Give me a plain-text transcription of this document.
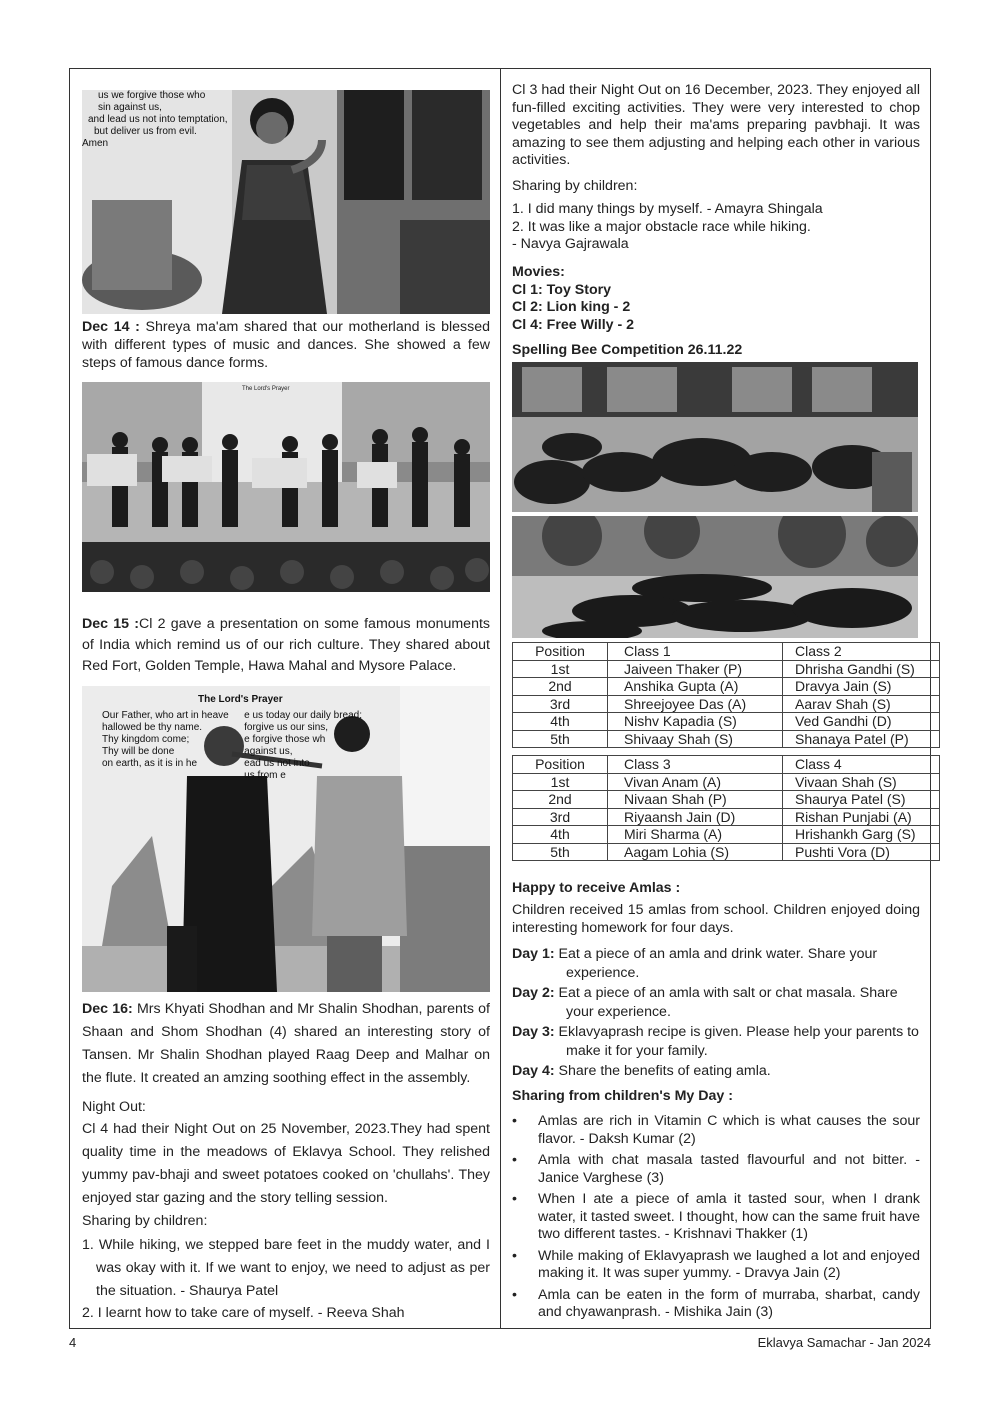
us we forgive those who
sin against us,
and lead us not into temptation,
but deliver us from evil.
Amen

Dec 14 : Shreya ma'am shared that our motherland is blessed with different types of music and dances. She showed a few steps of famous dance forms.

The Lord's Prayer

Dec 15 :Cl 2 gave a presentation on some famous monuments of India which remind us of our rich culture. They shared about Red Fort, Golden Temple, Hawa Mahal and Mysore Palace.

The Lord's Prayer
Our Father, who art in heave
hallowed be thy name.
Thy kingdom come;
Thy will be done
on earth, as it is in he
e us today our daily bread;
forgive us our sins,
e forgive those wh
against us,
ead us not into
us from e

Dec 16: Mrs Khyati Shodhan and Mr Shalin Shodhan, parents of Shaan and Shom Shodhan (4) shared an interesting story of Tansen. Mr Shalin Shodhan played Raag Deep and Malhar on the flute. It created an amzing soothing effect in the assembly.

Night Out:

Cl 4 had their Night Out on 25 November, 2023.They had spent quality time in the meadows of Eklavya School. They relished yummy pav-bhaji and sweet potatoes cooked on 'chullahs'. They enjoyed star gazing and the story telling session.

Sharing by children:

1. While hiking, we stepped bare feet in the muddy water, and I was okay with it. If we want to enjoy, we need to adjust as per the situation. - Shaurya Patel

2. I learnt how to take care of myself. - Reeva Shah

Cl 3 had their Night Out on 16 December, 2023. They enjoyed all fun-filled exciting activities. They were very interested to chop vegetables and help their ma'ams preparing pavbhaji. It was amazing to see them adjusting and helping each other in various activities.

Sharing by children:

1. I did many things by myself. - Amayra Shingala
2. It was like a major obstacle race while hiking.
- Navya Gajrawala
Movies:
Cl 1: Toy Story
Cl 2: Lion king - 2
Cl 4: Free Willy - 2

Spelling Bee Competition 26.11.22

Position	Class 1	Class 2
1st	Jaiveen Thaker (P)	Dhrisha Gandhi (S)
2nd	Anshika Gupta (A)	Dravya Jain (S)
3rd	Shreejoyee Das (A)	Aarav Shah (S)
4th	Nishv Kapadia (S)	Ved Gandhi (D)
5th	Shivaay Shah (S)	Shanaya Patel (P)
Position	Class 3	Class 4
1st	Vivan Anam (A)	Vivaan Shah (S)
2nd	Nivaan Shah (P)	Shaurya Patel (S)
3rd	Riyaansh Jain (D)	Rishan Punjabi (A)
4th	Miri Sharma (A)	Hrishankh Garg (S)
5th	Aagam Lohia (S)	Pushti Vora (D)

Happy to receive Amlas :

Children received 15 amlas from school. Children enjoyed doing interesting homework for four days.

Day 1: Eat a piece of an amla and drink water. Share your
experience.
Day 2: Eat a piece of an amla with salt or chat masala. Share
your experience.
Day 3: Eklavyaprash recipe is given. Please help your parents to
make it for your family.
Day 4: Share the benefits of eating amla.

Sharing from children's My Day :

• Amlas are rich in Vitamin C which is what causes the sour flavor. - Daksh Kumar (2)
• Amla with chat masala tasted flavourful and not bitter. - Janice Varghese (3)
• When I ate a piece of amla it tasted sour, when I drank water, it tasted sweet. I thought, how can the same fruit have two different tastes. - Krishnavi Thakker (1)
• While making of Eklavyaprash we laughed a lot and enjoyed making it. It was super yummy. - Dravya Jain (2)
• Amla can be eaten in the form of murraba, sharbat, candy and chyawanprash. - Mishika Jain (3)
4	Eklavya Samachar - Jan 2024
